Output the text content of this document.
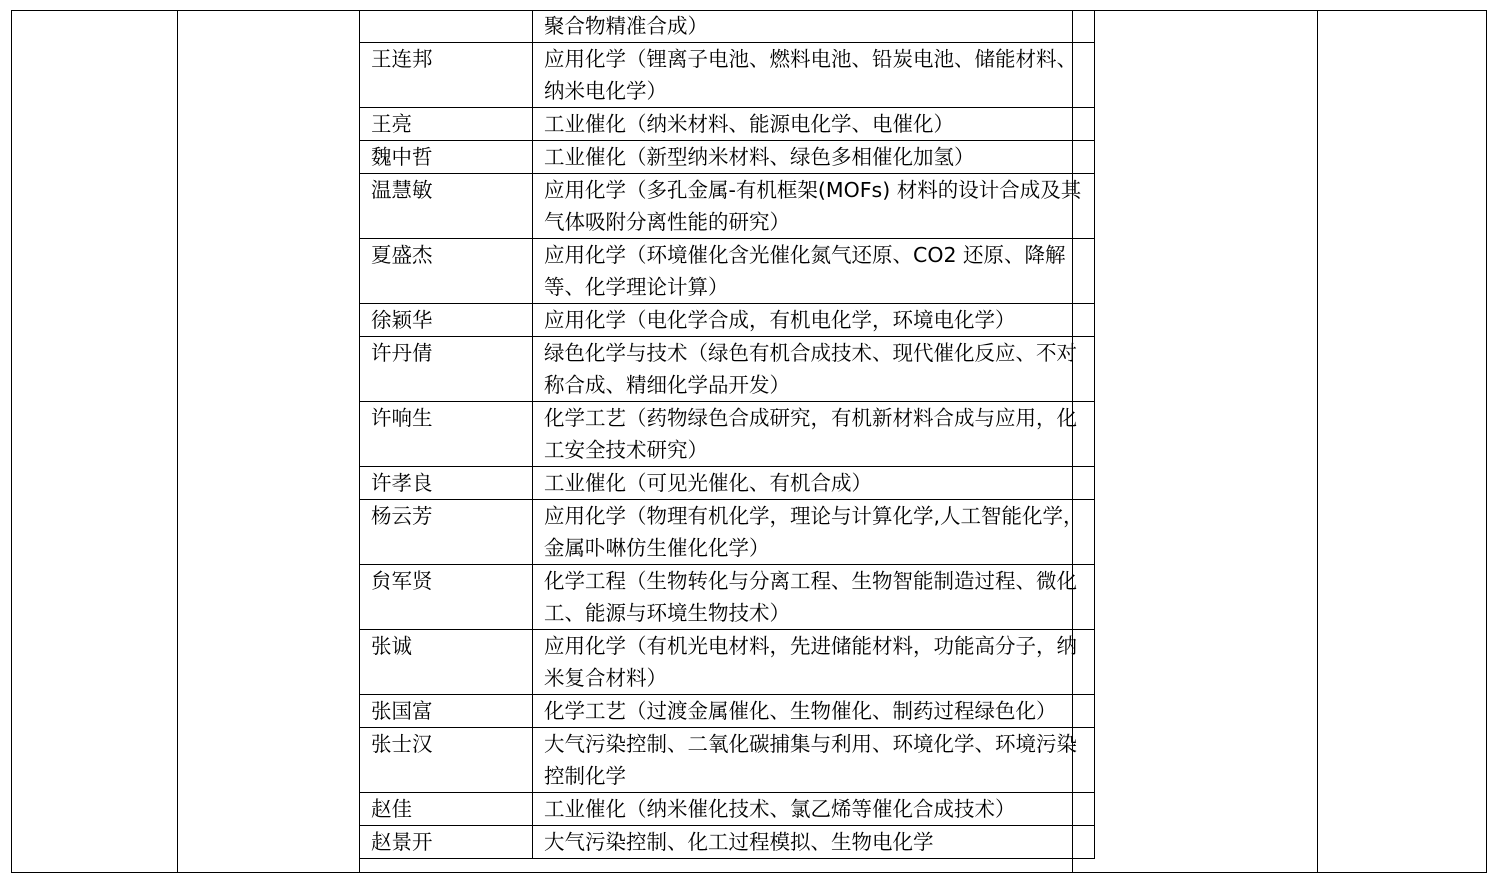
	聚合物精准合成）
王连邦	应用化学（锂离子电池、燃料电池、铅炭电池、储能材料、纳米电化学）
王亮	工业催化（纳米材料、能源电化学、电催化）
魏中哲	工业催化（新型纳米材料、绿色多相催化加氢）
温慧敏	应用化学（多孔金属-有机框架(MOFs) 材料的设计合成及其气体吸附分离性能的研究）
夏盛杰	应用化学（环境催化含光催化氮气还原、CO2 还原、降解等、化学理论计算）
徐颖华	应用化学（电化学合成，有机电化学，环境电化学）
许丹倩	绿色化学与技术（绿色有机合成技术、现代催化反应、不对称合成、精细化学品开发）
许响生	化学工艺（药物绿色合成研究，有机新材料合成与应用，化工安全技术研究）
许孝良	工业催化（可见光催化、有机合成）
杨云芳	应用化学（物理有机化学，理论与计算化学,人工智能化学，金属卟啉仿生催化化学）
贠军贤	化学工程（生物转化与分离工程、生物智能制造过程、微化工、能源与环境生物技术）
张诚	应用化学（有机光电材料，先进储能材料，功能高分子，纳米复合材料）
张国富	化学工艺（过渡金属催化、生物催化、制药过程绿色化）
张士汉	大气污染控制、二氧化碳捕集与利用、环境化学、环境污染控制化学
赵佳	工业催化（纳米催化技术、氯乙烯等催化合成技术）
赵景开	大气污染控制、化工过程模拟、生物电化学
